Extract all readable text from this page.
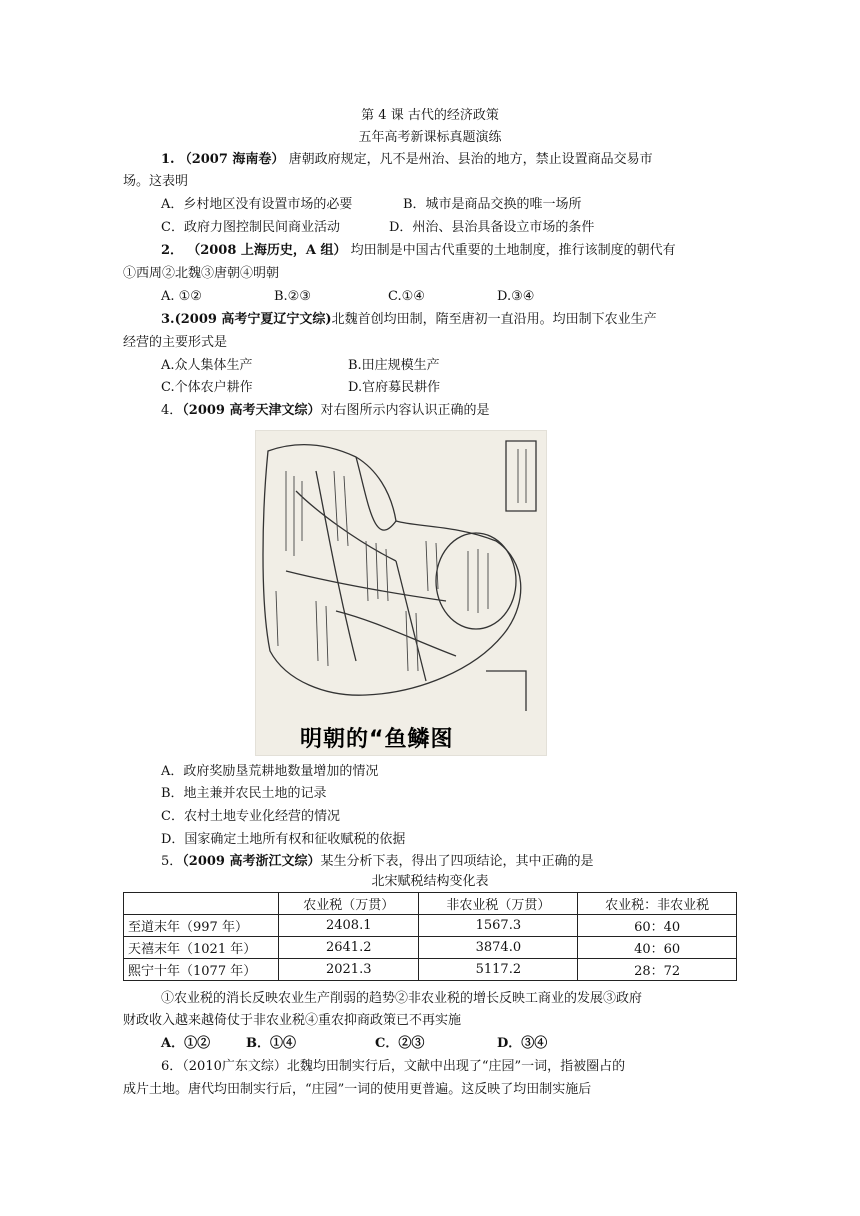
第 4 课 古代的经济政策
五年高考新课标真题演练
1. （2007 海南卷） 唐朝政府规定，凡不是州治、县治的地方，禁止设置商品交易市
场。这表明
A．乡村地区没有设置市场的必要	B．城市是商品交换的唯一场所
C．政府力图控制民间商业活动	D．州治、县治具备设立市场的条件
2． （2008 上海历史，A 组） 均田制是中国古代重要的土地制度，推行该制度的朝代有
①西周②北魏③唐朝④明朝
A. ①②	B.②③	C.①④	D.③④
3.(2009 高考宁夏辽宁文综)北魏首创均田制，隋至唐初一直沿用。均田制下农业生产
经营的主要形式是
A.众人集体生产	B.田庄规模生产
C.个体农户耕作	D.官府募民耕作
4．（2009 高考天津文综）对右图所示内容认识正确的是
明朝的“鱼鳞图
A．政府奖励垦荒耕地数量增加的情况
B．地主兼并农民土地的记录
C．农村土地专业化经营的情况
D．国家确定土地所有权和征收赋税的依据
5．（2009 高考浙江文综）某生分析下表，得出了四项结论，其中正确的是
北宋赋税结构变化表
	农业税（万贯）	非农业税（万贯）	农业税：非农业税
至道末年（997 年）	2408.1	1567.3	60：40
天禧末年（1021 年）	2641.2	3874.0	40：60
熙宁十年（1077 年）	2021.3	5117.2	28：72
①农业税的消长反映农业生产削弱的趋势②非农业税的增长反映工商业的发展③政府
财政收入越来越倚仗于非农业税④重农抑商政策已不再实施
A．①②	B．①④	C．②③	D．③④
6．（2010广东文综）北魏均田制实行后，文献中出现了“庄园”一词，指被圈占的
成片土地。唐代均田制实行后，“庄园”一词的使用更普遍。这反映了均田制实施后
